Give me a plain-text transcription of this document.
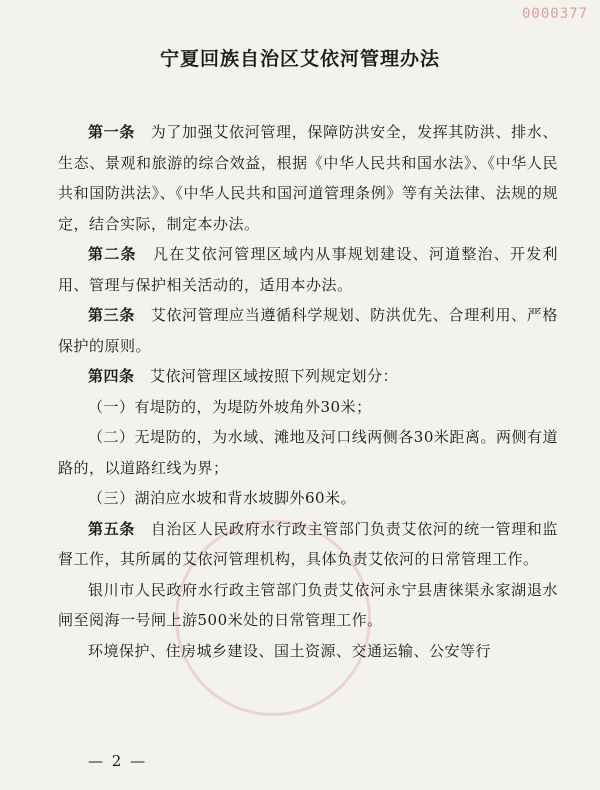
0000377
宁夏回族自治区艾依河管理办法

第一条　 为了加强艾依河管理，保障防洪安全，发挥其防洪、排水、生态、景观和旅游的综合效益，根据《中华人民共和国水法》、《中华人民共和国防洪法》、《中华人民共和国河道管理条例》等有关法律、法规的规定，结合实际，制定本办法。

第二条　 凡在艾依河管理区域内从事规划建设、河道整治、开发利用、管理与保护相关活动的，适用本办法。

第三条　 艾依河管理应当遵循科学规划、防洪优先、合理利用、严格保护的原则。

第四条　 艾依河管理区域按照下列规定划分：

（一）有堤防的，为堤防外坡角外30米；

（二）无堤防的，为水域、滩地及河口线两侧各30米距离。两侧有道路的，以道路红线为界；

（三）湖泊应水坡和背水坡脚外60米。

第五条　 自治区人民政府水行政主管部门负责艾依河的统一管理和监督工作，其所属的艾依河管理机构，具体负责艾依河的日常管理工作。

银川市人民政府水行政主管部门负责艾依河永宁县唐徕渠永家湖退水闸至阅海一号闸上游500米处的日常管理工作。

环境保护、住房城乡建设、国土资源、交通运输、公安等行

— 2 —
